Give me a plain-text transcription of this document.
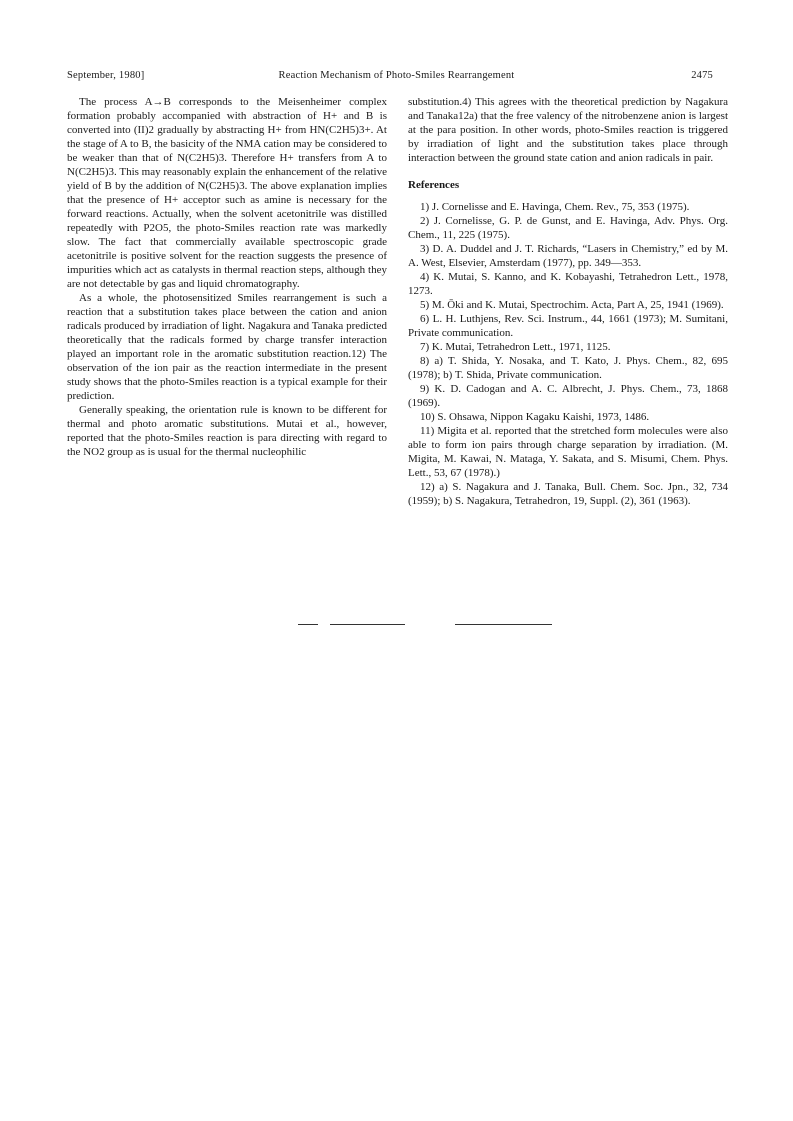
September, 1980]	Reaction Mechanism of Photo-Smiles Rearrangement	2475

The process A→B corresponds to the Meisenheimer complex formation probably accompanied with abstraction of H+ and B is converted into (II)2 gradually by abstracting H+ from HN(C2H5)3+. At the stage of A to B, the basicity of the NMA cation may be considered to be weaker than that of N(C2H5)3. Therefore H+ transfers from A to N(C2H5)3. This may reasonably explain the enhancement of the relative yield of B by the addition of N(C2H5)3. The above explanation implies that the presence of H+ acceptor such as amine is necessary for the forward reactions. Actually, when the solvent acetonitrile was distilled repeatedly with P2O5, the photo-Smiles reaction rate was markedly slow. The fact that commercially available spectroscopic grade acetonitrile is positive solvent for the reaction suggests the presence of impurities which act as catalysts in thermal reaction steps, although they are not detectable by gas and liquid chromatography.

As a whole, the photosensitized Smiles rearrangement is such a reaction that a substitution takes place between the cation and anion radicals produced by irradiation of light. Nagakura and Tanaka predicted theoretically that the radicals formed by charge transfer interaction played an important role in the aromatic substitution reaction.12) The observation of the ion pair as the reaction intermediate in the present study shows that the photo-Smiles reaction is a typical example for their prediction.

Generally speaking, the orientation rule is known to be different for thermal and photo aromatic substitutions. Mutai et al., however, reported that the photo-Smiles reaction is para directing with regard to the NO2 group as is usual for the thermal nucleophilic

substitution.4) This agrees with the theoretical prediction by Nagakura and Tanaka12a) that the free valency of the nitrobenzene anion is largest at the para position. In other words, photo-Smiles reaction is triggered by irradiation of light and the substitution takes place through interaction between the ground state cation and anion radicals in pair.

References

1) J. Cornelisse and E. Havinga, Chem. Rev., 75, 353 (1975).

2) J. Cornelisse, G. P. de Gunst, and E. Havinga, Adv. Phys. Org. Chem., 11, 225 (1975).

3) D. A. Duddel and J. T. Richards, “Lasers in Chemistry,” ed by M. A. West, Elsevier, Amsterdam (1977), pp. 349—353.

4) K. Mutai, S. Kanno, and K. Kobayashi, Tetrahedron Lett., 1978, 1273.

5) M. Ōki and K. Mutai, Spectrochim. Acta, Part A, 25, 1941 (1969).

6) L. H. Luthjens, Rev. Sci. Instrum., 44, 1661 (1973); M. Sumitani, Private communication.

7) K. Mutai, Tetrahedron Lett., 1971, 1125.

8) a) T. Shida, Y. Nosaka, and T. Kato, J. Phys. Chem., 82, 695 (1978); b) T. Shida, Private communication.

9) K. D. Cadogan and A. C. Albrecht, J. Phys. Chem., 73, 1868 (1969).

10) S. Ohsawa, Nippon Kagaku Kaishi, 1973, 1486.

11) Migita et al. reported that the stretched form molecules were also able to form ion pairs through charge separation by irradiation. (M. Migita, M. Kawai, N. Mataga, Y. Sakata, and S. Misumi, Chem. Phys. Lett., 53, 67 (1978).)

12) a) S. Nagakura and J. Tanaka, Bull. Chem. Soc. Jpn., 32, 734 (1959); b) S. Nagakura, Tetrahedron, 19, Suppl. (2), 361 (1963).
